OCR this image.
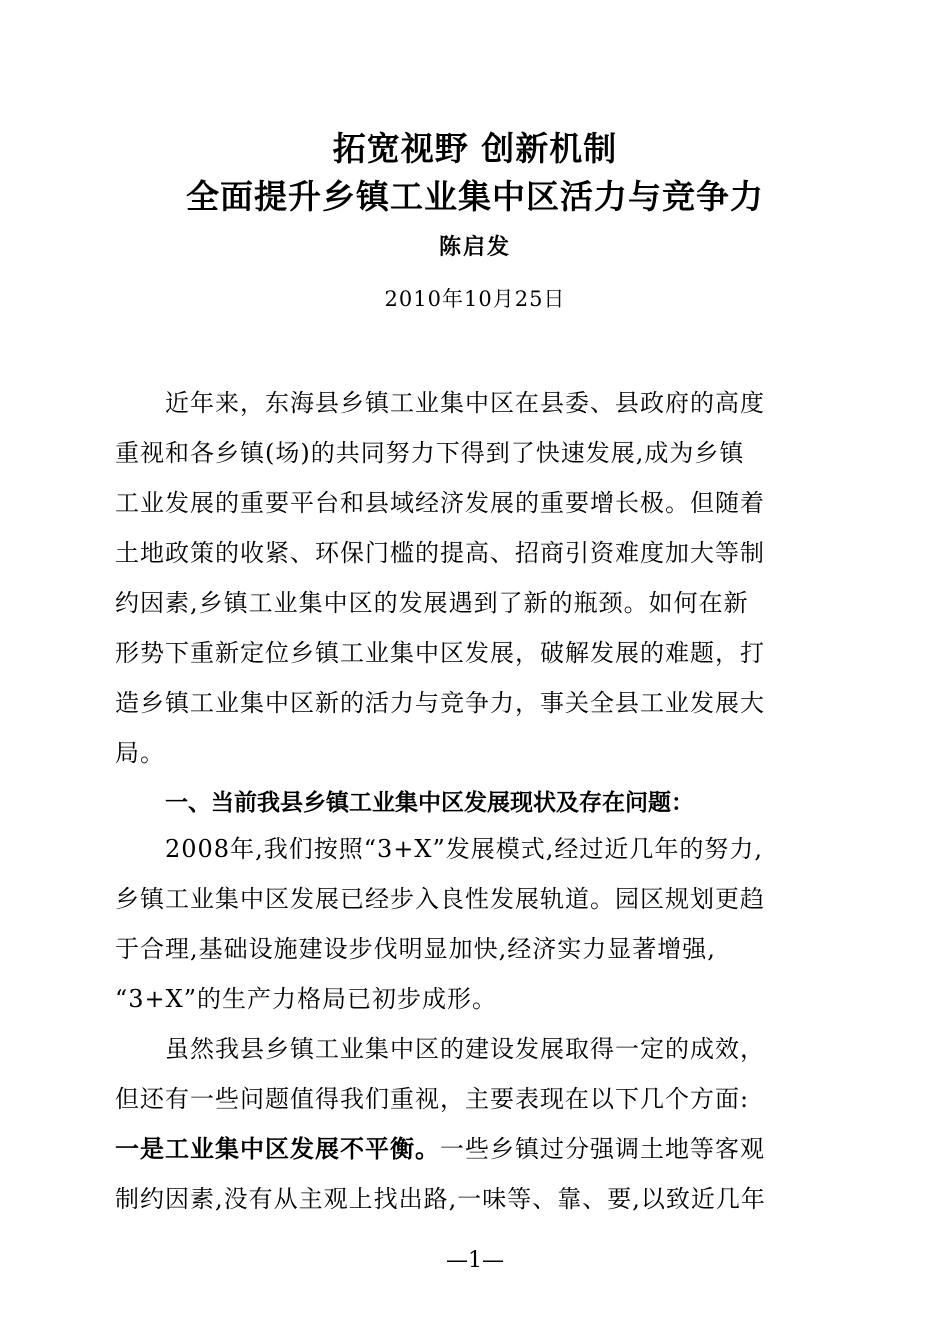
拓宽视野 创新机制
全面提升乡镇工业集中区活力与竞争力
陈启发
2010年10月25日
近年来，东海县乡镇工业集中区在县委、县政府的高度
重视和各乡镇(场)的共同努力下得到了快速发展,成为乡镇
工业发展的重要平台和县域经济发展的重要增长极。但随着
土地政策的收紧、环保门槛的提高、招商引资难度加大等制
约因素,乡镇工业集中区的发展遇到了新的瓶颈。如何在新
形势下重新定位乡镇工业集中区发展，破解发展的难题，打
造乡镇工业集中区新的活力与竞争力，事关全县工业发展大
局。
一、当前我县乡镇工业集中区发展现状及存在问题：
2008年,我们按照“3+X”发展模式,经过近几年的努力,
乡镇工业集中区发展已经步入良性发展轨道。园区规划更趋
于合理,基础设施建设步伐明显加快,经济实力显著增强,
“3+X”的生产力格局已初步成形。
虽然我县乡镇工业集中区的建设发展取得一定的成效，
但还有一些问题值得我们重视，主要表现在以下几个方面:
一是工业集中区发展不平衡。一些乡镇过分强调土地等客观
制约因素,没有从主观上找出路,一味等、靠、要,以致近几年
—1—
